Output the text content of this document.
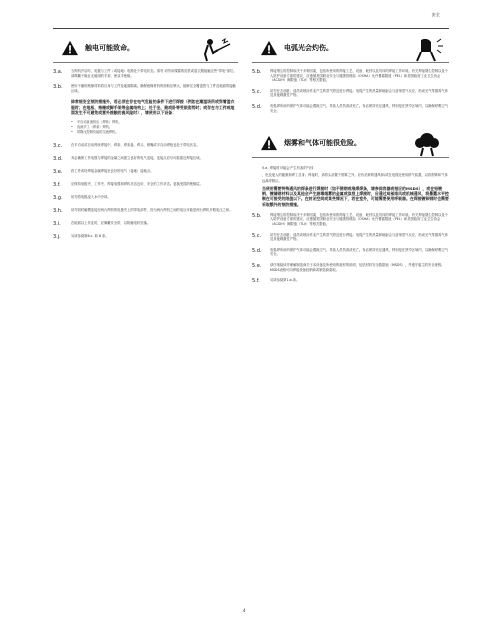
安全
触电可能致命。
3.a.	当焊机开启时，电极与工件（或接地）电路处于带电状态。请勿 切勿用裸露的皮肤或湿衣服接触这些"带电"部位。请佩戴干燥且无破洞的手套，使双手绝缘。
3.b.	使用干燥的绝缘材料将自身与工件及地面隔离。确保绝缘材料的面积足够大，能够完全覆盖您与工件及地面的接触区域。
除常规安全预防措施外，若必须在存在电气危险的条件下进行焊接（例如在潮湿场所或穿着湿衣服时；在地板、格栅或脚手架等金属结构上；处于坐、跪或卧等受限姿势时；或存在与工件或地面发生不可避免或意外接触的高风险时），请使用以下设备：
• 半自动直流恒压（焊丝）焊机。
• 直流手工（焊条）焊机。
• 带降压控制功能的交流焊机。
3.c.	在半自动或自动焊丝焊接中，焊条、焊条盘、焊头、喷嘴或半自动焊枪也处于带电状态。
3.d.	务必确保工作电缆与焊接的金属之间建立良好的电气连接。连接点应尽可能靠近焊接区域。
3.e.	将工件或待焊接金属焊接至良好的电气（接地）接地点。
3.f.	应保持电极夹、工作夹、焊接电缆和焊机状态良好、安全的工作状态。更换受损的绝缘层。
3.g.	切勿将电极浸入水中冷却。
3.h.	切勿同时触摸连接至两台焊机的电极夹上的带电部件，因为两台焊机之间的电压可能是两台焊机开路电压之和。
3.i.	在地面以上作业时，应佩戴安全带，以防触电时坠落。
3.j.	另请参阅第6.c. 和 8 条。
电弧光会灼伤。
5.b.	焊接烟尘的控制取决于多种因素，包括所使用的焊接工艺、设备、耗材以及具体的焊接工作环境。有关焊接烟尘控制以及个人防护设备方面的建议，应遵循美国职业安全与健康管理局（OSHA）允许暴露限值（PEL）和美国政府工业卫生协会（ACGIH）阈限值（TLV）等相关限值。
5.c.	切勿在去油脏、清洗或喷涂作业产生的蒸气附近进行焊接。电弧产生的热量和辐射会与溶剂蒸气反应，形成光气等剧毒气体及其他刺激性产物。
5.d.	电弧焊所用的保护气体可能会置换空气，导致人员伤害或死亡。务必保持充足通风，特别是在狭窄区域内，以确保呼吸空气安全。
烟雾和气体可能很危险。
5.a. 焊接时可能会产生有害的气体
，危及他人的健康和焊工自身。焊接时，请将头部置于烟雾之外。应有足够的通风和/或在电弧处使用排气装置，以将烟雾和气体
远离呼吸区。
当使用需要特殊通风的焊条进行焊接时（如不锈钢或堆焊焊条，请参阅容器或相应的MSDS），或在铅镀钢、镀镉钢材料以及其他会产生剧毒烟雾的金属或涂层上焊接时，应通过局部排风或机械通风，将暴露水平控制在可接受的限值以下。在封闭空间或某些情况下，若在室外，可能需要使用呼吸器。在焊接镀锌钢时也需要采取额外的预防措施。
5.b.	焊接烟尘的控制取决于多种因素，包括所使用的焊接工艺、设备、耗材以及具体的焊接工作环境。有关焊接烟尘控制以及个人防护设备方面的建议，应遵循美国职业安全与健康管理局（OSHA）允许暴露限值（PEL）和美国政府工业卫生协会（ACGIH）阈限值（TLV）等相关限值。
5.c.	切勿在去油脏、清洗或喷涂作业产生的蒸气附近进行焊接。电弧产生的热量和辐射会与溶剂蒸气反应，形成光气等剧毒气体及其他刺激性产物。
5.d.	电弧焊所用的保护气体可能会置换空气，导致人员伤害或死亡。务必保持充足通风，特别是在狭窄区域内，以确保呼吸空气安全。
5.e.	请仔细阅读并理解制造商关于本设备及所使用的耗材的说明，包括材料安全数据表（MSDS），并遵守雇主的安全规程。MSDS表格可向焊接设备经销商或制造商索取。
5.f.	另请参阅第1.b.条。
4
